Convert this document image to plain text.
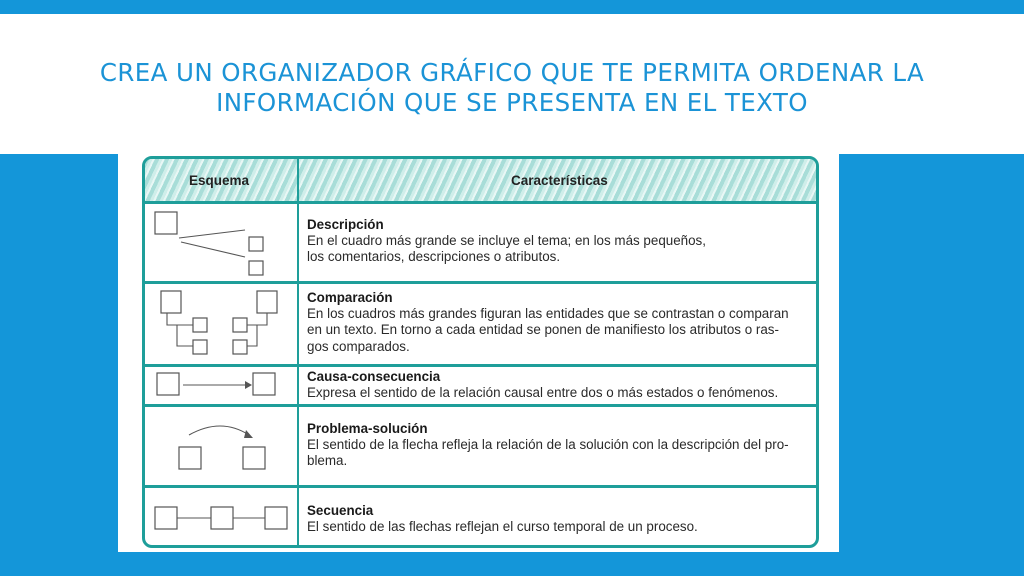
CREA UN ORGANIZADOR GRÁFICO QUE TE PERMITA ORDENAR LA
INFORMACIÓN QUE SE PRESENTA EN EL TEXTO
Esquema	Características
Descripción
En el cuadro más grande se incluye el tema; en los más pequeños,
los comentarios, descripciones o atributos.
Comparación
En los cuadros más grandes figuran las entidades que se contrastan o comparan
en un texto. En torno a cada entidad se ponen de manifiesto los atributos o ras-
gos comparados.
Causa-consecuencia
Expresa el sentido de la relación causal entre dos o más estados o fenómenos.
Problema-solución
El sentido de la flecha refleja la relación de la solución con la descripción del pro-
blema.
Secuencia
El sentido de las flechas reflejan el curso temporal de un proceso.
